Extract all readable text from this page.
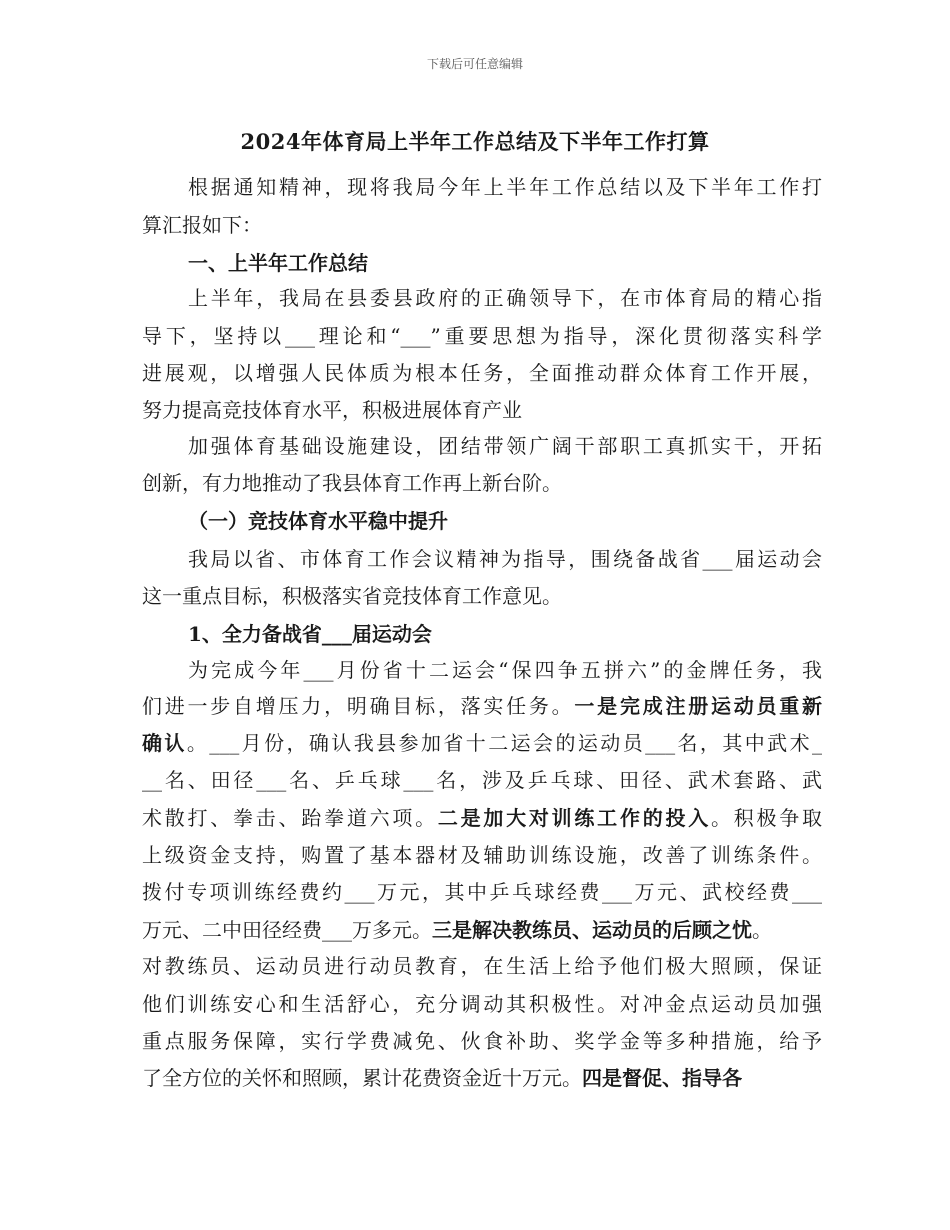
下载后可任意编辑
2024年体育局上半年工作总结及下半年工作打算
根据通知精神，现将我局今年上半年工作总结以及下半年工作打
算汇报如下：
一、上半年工作总结
上半年，我局在县委县政府的正确领导下，在市体育局的精心指
导下，坚持以___理论和“___”重要思想为指导，深化贯彻落实科学
进展观，以增强人民体质为根本任务，全面推动群众体育工作开展，
努力提高竞技体育水平，积极进展体育产业
加强体育基础设施建设，团结带领广阔干部职工真抓实干，开拓
创新，有力地推动了我县体育工作再上新台阶。
（一）竞技体育水平稳中提升
我局以省、市体育工作会议精神为指导，围绕备战省___届运动会
这一重点目标，积极落实省竞技体育工作意见。
1、全力备战省___届运动会
为完成今年___月份省十二运会“保四争五拼六”的金牌任务，我
们进一步自增压力，明确目标，落实任务。一是完成注册运动员重新
确认。___月份，确认我县参加省十二运会的运动员___名，其中武术_
__名、田径___名、乒乓球___名，涉及乒乓球、田径、武术套路、武
术散打、拳击、跆拳道六项。二是加大对训练工作的投入。积极争取
上级资金支持，购置了基本器材及辅助训练设施，改善了训练条件。
拨付专项训练经费约___万元，其中乒乓球经费___万元、武校经费___
万元、二中田径经费___万多元。三是解决教练员、运动员的后顾之忧。
对教练员、运动员进行动员教育，在生活上给予他们极大照顾，保证
他们训练安心和生活舒心，充分调动其积极性。对冲金点运动员加强
重点服务保障，实行学费减免、伙食补助、奖学金等多种措施，给予
了全方位的关怀和照顾，累计花费资金近十万元。四是督促、指导各
